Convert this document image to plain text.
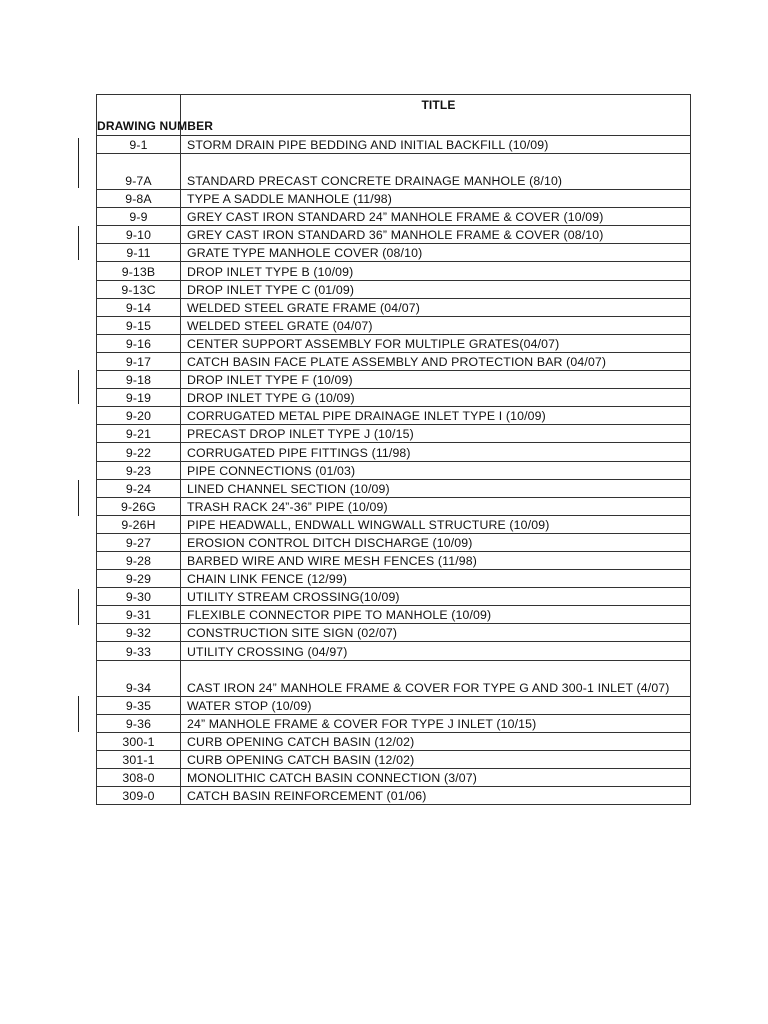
DRAWING NUMBER	TITLE
9-1	STORM DRAIN PIPE BEDDING AND INITIAL BACKFILL (10/09)
9-7A	STANDARD PRECAST CONCRETE DRAINAGE MANHOLE (8/10)
9-8A	TYPE A SADDLE MANHOLE (11/98)
9-9	GREY CAST IRON STANDARD 24” MANHOLE FRAME & COVER (10/09)
9-10	GREY CAST IRON STANDARD 36” MANHOLE FRAME & COVER (08/10)
9-11	GRATE TYPE MANHOLE COVER (08/10)
9-13B	DROP INLET TYPE B (10/09)
9-13C	DROP INLET TYPE C (01/09)
9-14	WELDED STEEL GRATE FRAME (04/07)
9-15	WELDED STEEL GRATE (04/07)
9-16	CENTER SUPPORT ASSEMBLY FOR MULTIPLE GRATES(04/07)
9-17	CATCH BASIN FACE PLATE ASSEMBLY AND PROTECTION BAR (04/07)
9-18	DROP INLET TYPE F (10/09)
9-19	DROP INLET TYPE G (10/09)
9-20	CORRUGATED METAL PIPE DRAINAGE INLET TYPE I (10/09)
9-21	PRECAST DROP INLET TYPE J (10/15)
9-22	CORRUGATED PIPE FITTINGS (11/98)
9-23	PIPE CONNECTIONS (01/03)
9-24	LINED CHANNEL SECTION (10/09)
9-26G	TRASH RACK 24”-36” PIPE (10/09)
9-26H	PIPE HEADWALL, ENDWALL WINGWALL STRUCTURE (10/09)
9-27	EROSION CONTROL DITCH DISCHARGE (10/09)
9-28	BARBED WIRE AND WIRE MESH FENCES (11/98)
9-29	CHAIN LINK FENCE (12/99)
9-30	UTILITY STREAM CROSSING(10/09)
9-31	FLEXIBLE CONNECTOR PIPE TO MANHOLE (10/09)
9-32	CONSTRUCTION SITE SIGN (02/07)
9-33	UTILITY CROSSING (04/97)
9-34	CAST IRON 24” MANHOLE FRAME & COVER FOR TYPE G AND 300-1 INLET (4/07)
9-35	WATER STOP (10/09)
9-36	24” MANHOLE FRAME & COVER FOR TYPE J INLET (10/15)
300-1	CURB OPENING CATCH BASIN (12/02)
301-1	CURB OPENING CATCH BASIN (12/02)
308-0	MONOLITHIC CATCH BASIN CONNECTION (3/07)
309-0	CATCH BASIN REINFORCEMENT (01/06)
